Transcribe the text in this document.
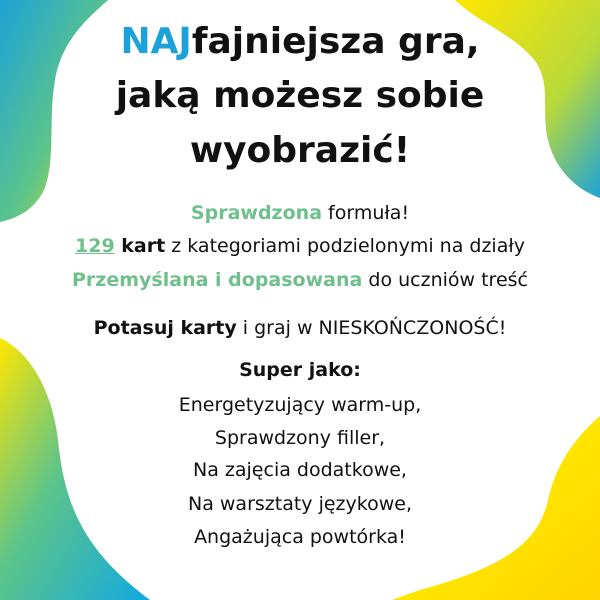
NAJfajniejsza gra,
jaką możesz sobie
wyobrazić!
Sprawdzona formuła!
129 kart z kategoriami podzielonymi na działy
Przemyślana i dopasowana do uczniów treść
Potasuj karty i graj w NIESKOŃCZONOŚĆ!
Super jako:
Energetyzujący warm-up,
Sprawdzony filler,
Na zajęcia dodatkowe,
Na warsztaty językowe,
Angażująca powtórka!
